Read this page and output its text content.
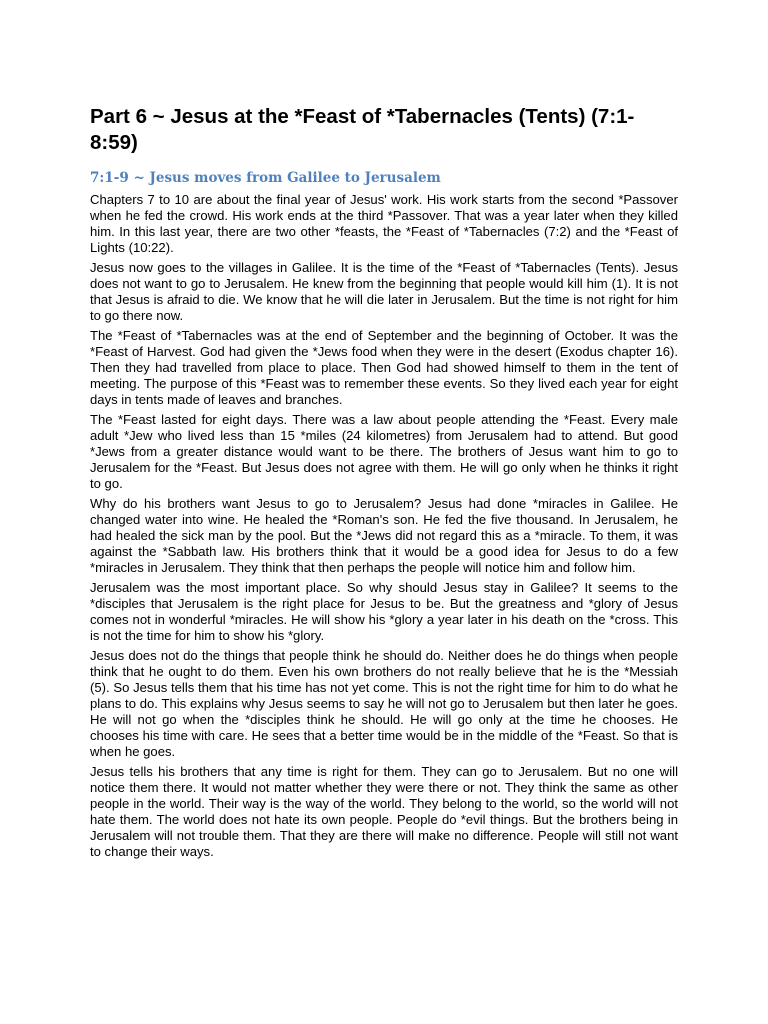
Part 6 ~ Jesus at the *Feast of *Tabernacles (Tents) (7:1-8:59)
7:1-9 ~ Jesus moves from Galilee to Jerusalem

Chapters 7 to 10 are about the final year of Jesus' work. His work starts from the second *Passover when he fed the crowd. His work ends at the third *Passover. That was a year later when they killed him. In this last year, there are two other *feasts, the *Feast of *Tabernacles (7:2) and the *Feast of Lights (10:22).

Jesus now goes to the villages in Galilee. It is the time of the *Feast of *Tabernacles (Tents). Jesus does not want to go to Jerusalem. He knew from the beginning that people would kill him (1). It is not that Jesus is afraid to die. We know that he will die later in Jerusalem. But the time is not right for him to go there now.

The *Feast of *Tabernacles was at the end of September and the beginning of October. It was the *Feast of Harvest. God had given the *Jews food when they were in the desert (Exodus chapter 16). Then they had travelled from place to place. Then God had showed himself to them in the tent of meeting. The purpose of this *Feast was to remember these events. So they lived each year for eight days in tents made of leaves and branches.

The *Feast lasted for eight days. There was a law about people attending the *Feast. Every male adult *Jew who lived less than 15 *miles (24 kilometres) from Jerusalem had to attend. But good *Jews from a greater distance would want to be there. The brothers of Jesus want him to go to Jerusalem for the *Feast. But Jesus does not agree with them. He will go only when he thinks it right to go.

Why do his brothers want Jesus to go to Jerusalem? Jesus had done *miracles in Galilee. He changed water into wine. He healed the *Roman's son. He fed the five thousand. In Jerusalem, he had healed the sick man by the pool. But the *Jews did not regard this as a *miracle. To them, it was against the *Sabbath law. His brothers think that it would be a good idea for Jesus to do a few *miracles in Jerusalem. They think that then perhaps the people will notice him and follow him.

Jerusalem was the most important place. So why should Jesus stay in Galilee? It seems to the *disciples that Jerusalem is the right place for Jesus to be. But the greatness and *glory of Jesus comes not in wonderful *miracles. He will show his *glory a year later in his death on the *cross. This is not the time for him to show his *glory.

Jesus does not do the things that people think he should do. Neither does he do things when people think that he ought to do them. Even his own brothers do not really believe that he is the *Messiah (5). So Jesus tells them that his time has not yet come. This is not the right time for him to do what he plans to do. This explains why Jesus seems to say he will not go to Jerusalem but then later he goes. He will not go when the *disciples think he should. He will go only at the time he chooses. He chooses his time with care. He sees that a better time would be in the middle of the *Feast. So that is when he goes.

Jesus tells his brothers that any time is right for them. They can go to Jerusalem. But no one will notice them there. It would not matter whether they were there or not. They think the same as other people in the world. Their way is the way of the world. They belong to the world, so the world will not hate them. The world does not hate its own people. People do *evil things. But the brothers being in Jerusalem will not trouble them. That they are there will make no difference. People will still not want to change their ways.
